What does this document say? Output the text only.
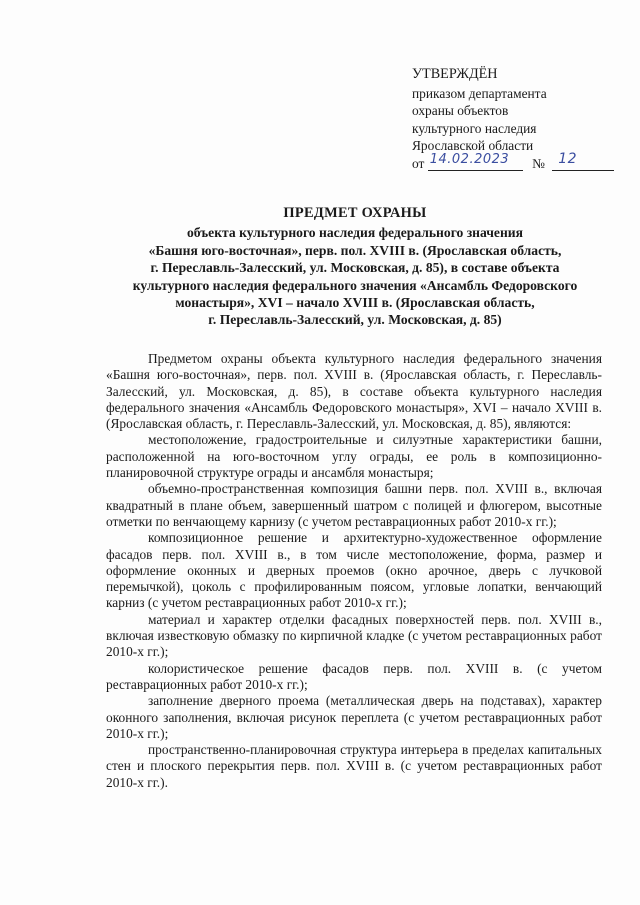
УТВЕРЖДЁН
приказом департамента
охраны объектов
культурного наследия
Ярославской области
от 14.02.2023 № 12
ПРЕДМЕТ ОХРАНЫ
объекта культурного наследия федерального значения
«Башня юго-восточная», перв. пол. XVIII в. (Ярославская область,
г. Переславль-Залесский, ул. Московская, д. 85), в составе объекта
культурного наследия федерального значения «Ансамбль Федоровского
монастыря», XVI – начало XVIII в. (Ярославская область,
г. Переславль-Залесский, ул. Московская, д. 85)

Предметом охраны объекта культурного наследия федерального значения «Башня юго-восточная», перв. пол. XVIII в. (Ярославская область, г. Переславль-Залесский, ул. Московская, д. 85), в составе объекта культурного наследия федерального значения «Ансамбль Федоровского монастыря», XVI – начало XVIII в. (Ярославская область, г. Переславль-Залесский, ул. Московская, д. 85), являются:

местоположение, градостроительные и силуэтные характеристики башни, расположенной на юго-восточном углу ограды, ее роль в композиционно-планировочной структуре ограды и ансамбля монастыря;

объемно-пространственная композиция башни перв. пол. XVIII в., включая квадратный в плане объем, завершенный шатром с полицей и флюгером, высотные отметки по венчающему карнизу (с учетом реставрационных работ 2010-х гг.);

композиционное решение и архитектурно-художественное оформление фасадов перв. пол. XVIII в., в том числе местоположение, форма, размер и оформление оконных и дверных проемов (окно арочное, дверь с лучковой перемычкой), цоколь с профилированным поясом, угловые лопатки, венчающий карниз (с учетом реставрационных работ 2010-х гг.);

материал и характер отделки фасадных поверхностей перв. пол. XVIII в., включая известковую обмазку по кирпичной кладке (с учетом реставрационных работ 2010-х гг.);

колористическое решение фасадов перв. пол. XVIII в. (с учетом реставрационных работ 2010-х гг.);

заполнение дверного проема (металлическая дверь на подставах), характер оконного заполнения, включая рисунок переплета (с учетом реставрационных работ 2010-х гг.);

пространственно-планировочная структура интерьера в пределах капитальных стен и плоского перекрытия перв. пол. XVIII в. (с учетом реставрационных работ 2010-х гг.).
